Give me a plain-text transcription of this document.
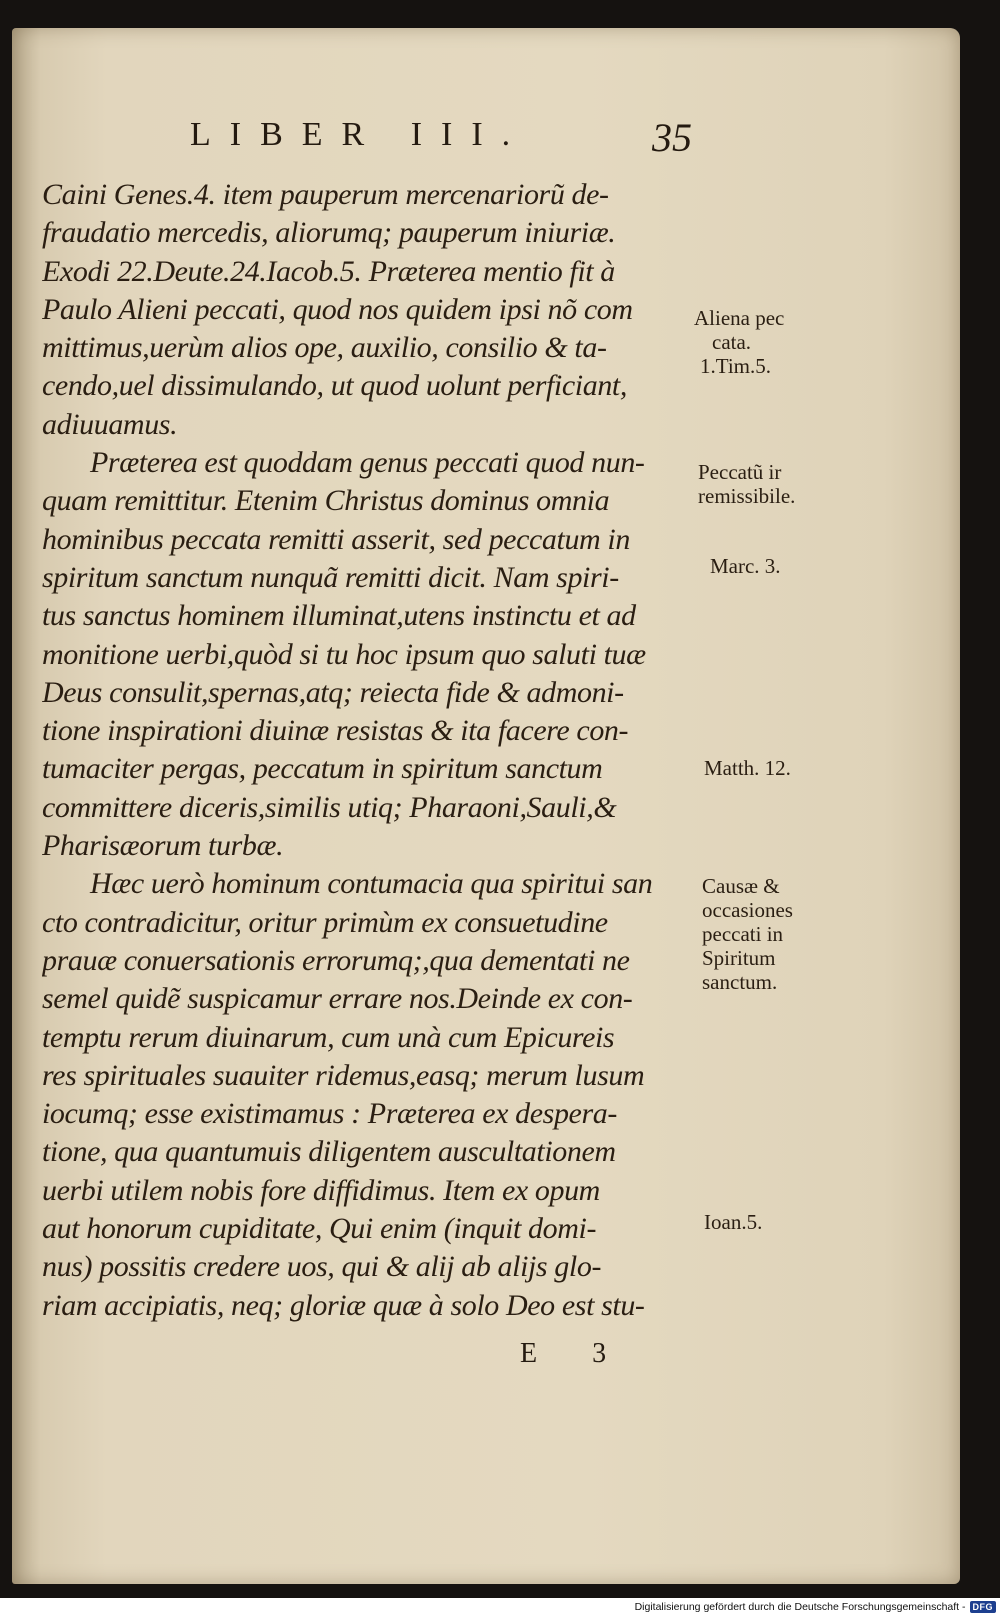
LIBER III.	35
Caini Genes.4. item pauperum mercenariorũ de-
fraudatio mercedis, aliorumq; pauperum iniuriæ.
Exodi 22.Deute.24.Iacob.5. Præterea mentio fit à
Paulo Alieni peccati, quod nos quidem ipsi nõ com
mittimus,uerùm alios ope, auxilio, consilio & ta-
cendo,uel dissimulando, ut quod uolunt perficiant,
adiuuamus.
Præterea est quoddam genus peccati quod nun-
quam remittitur. Etenim Christus dominus omnia
hominibus peccata remitti asserit, sed peccatum in
spiritum sanctum nunquã remitti dicit. Nam spiri-
tus sanctus hominem illuminat,utens instinctu et ad
monitione uerbi,quòd si tu hoc ipsum quo saluti tuæ
Deus consulit,spernas,atq; reiecta fide & admoni-
tione inspirationi diuinæ resistas & ita facere con-
tumaciter pergas, peccatum in spiritum sanctum
committere diceris,similis utiq; Pharaoni,Sauli,&
Pharisæorum turbæ.
Hæc uerò hominum contumacia qua spiritui san
cto contradicitur, oritur primùm ex consuetudine
prauæ conuersationis errorumq;,qua dementati ne
semel quidẽ suspicamur errare nos.Deinde ex con-
temptu rerum diuinarum, cum unà cum Epicureis
res spirituales suauiter ridemus,easq; merum lusum
iocumq; esse existimamus : Præterea ex despera-
tione, qua quantumuis diligentem auscultationem
uerbi utilem nobis fore diffidimus. Item ex opum
aut honorum cupiditate, Qui enim (inquit domi-
nus) possitis credere uos, qui & alij ab alijs glo-
riam accipiatis, neq; gloriæ quæ à solo Deo est stu-
Aliena pec
cata.
1.Tim.5.
Peccatũ ir
remissibile.
Marc. 3.
Matth. 12.
Causæ &
occasiones
peccati in
Spiritum
sanctum.
Ioan.5.
E 3
Digitalisierung gefördert durch die Deutsche Forschungsgemeinschaft - DFG
